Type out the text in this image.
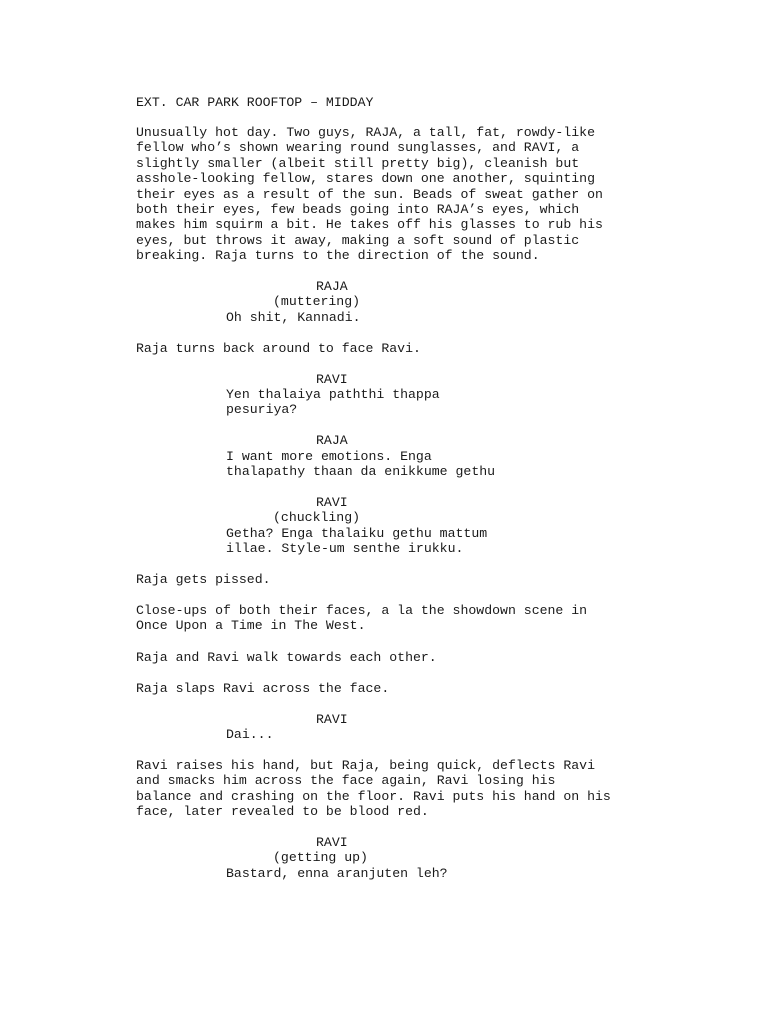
EXT. CAR PARK ROOFTOP – MIDDAY
Unusually hot day. Two guys, RAJA, a tall, fat, rowdy-like
fellow who’s shown wearing round sunglasses, and RAVI, a
slightly smaller (albeit still pretty big), cleanish but
asshole-looking fellow, stares down one another, squinting
their eyes as a result of the sun. Beads of sweat gather on
both their eyes, few beads going into RAJA’s eyes, which
makes him squirm a bit. He takes off his glasses to rub his
eyes, but throws it away, making a soft sound of plastic
breaking. Raja turns to the direction of the sound.
RAJA
(muttering)
Oh shit, Kannadi.
Raja turns back around to face Ravi.
RAVI
Yen thalaiya paththi thappa
pesuriya?
RAJA
I want more emotions. Enga
thalapathy thaan da enikkume gethu
RAVI
(chuckling)
Getha? Enga thalaiku gethu mattum
illae. Style-um senthe irukku.
Raja gets pissed.
Close-ups of both their faces, a la the showdown scene in
Once Upon a Time in The West.
Raja and Ravi walk towards each other.
Raja slaps Ravi across the face.
RAVI
Dai...
Ravi raises his hand, but Raja, being quick, deflects Ravi
and smacks him across the face again, Ravi losing his
balance and crashing on the floor. Ravi puts his hand on his
face, later revealed to be blood red.
RAVI
(getting up)
Bastard, enna aranjuten leh?
